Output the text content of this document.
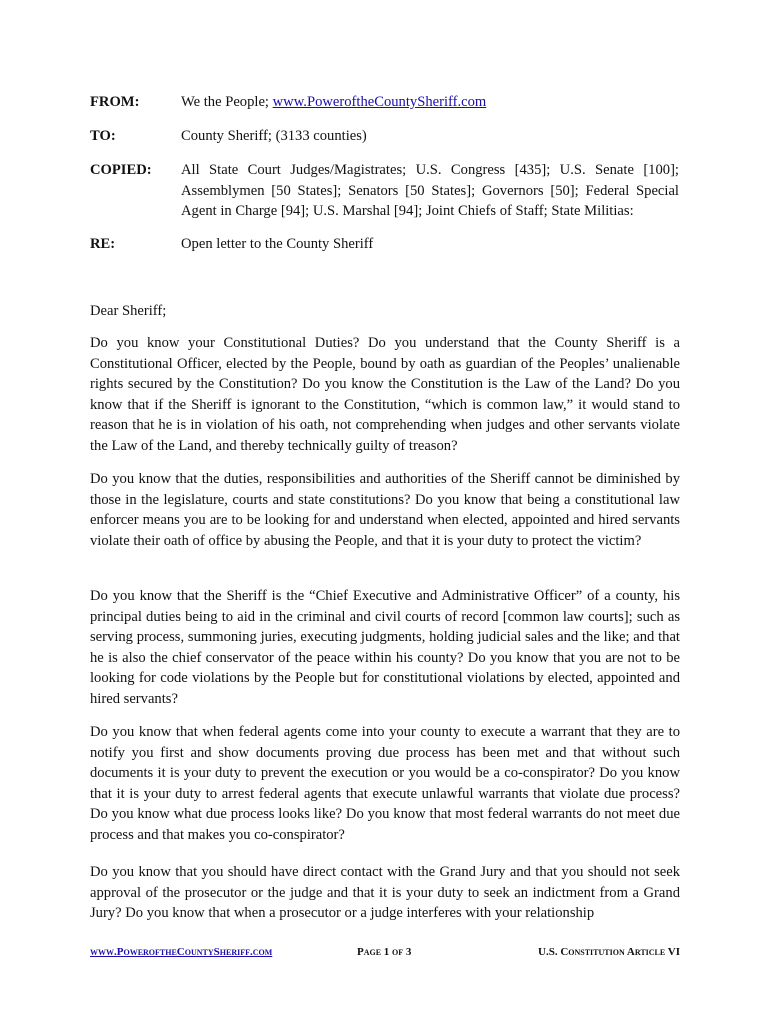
FROM:	We the People; www.PoweroftheCountySheriff.com
TO:	County Sheriff; (3133 counties)
COPIED: All State Court Judges/Magistrates; U.S. Congress [435]; U.S. Senate [100]; Assemblymen [50 States]; Senators [50 States]; Governors [50]; Federal Special Agent in Charge [94]; U.S. Marshal [94]; Joint Chiefs of Staff; State Militias:
RE:	Open letter to the County Sheriff
Dear Sheriff;

Do you know your Constitutional Duties? Do you understand that the County Sheriff is a Constitutional Officer, elected by the People, bound by oath as guardian of the Peoples’ unalienable rights secured by the Constitution? Do you know the Constitution is the Law of the Land? Do you know that if the Sheriff is ignorant to the Constitution, “which is common law,” it would stand to reason that he is in violation of his oath, not comprehending when judges and other servants violate the Law of the Land, and thereby technically guilty of treason?

Do you know that the duties, responsibilities and authorities of the Sheriff cannot be diminished by those in the legislature, courts and state constitutions? Do you know that being a constitutional law enforcer means you are to be looking for and understand when elected, appointed and hired servants violate their oath of office by abusing the People, and that it is your duty to protect the victim?

Do you know that the Sheriff is the “Chief Executive and Administrative Officer” of a county, his principal duties being to aid in the criminal and civil courts of record [common law courts]; such as serving process, summoning juries, executing judgments, holding judicial sales and the like; and that he is also the chief conservator of the peace within his county? Do you know that you are not to be looking for code violations by the People but for constitutional violations by elected, appointed and hired servants?

Do you know that when federal agents come into your county to execute a warrant that they are to notify you first and show documents proving due process has been met and that without such documents it is your duty to prevent the execution or you would be a co-conspirator? Do you know that it is your duty to arrest federal agents that execute unlawful warrants that violate due process? Do you know what due process looks like? Do you know that most federal warrants do not meet due process and that makes you co-conspirator?

Do you know that you should have direct contact with the Grand Jury and that you should not seek approval of the prosecutor or the judge and that it is your duty to seek an indictment from a Grand Jury? Do you know that when a prosecutor or a judge interferes with your relationship

www.PoweroftheCountySheriff.com	Page 1 of 3	U.S. Constitution Article VI
